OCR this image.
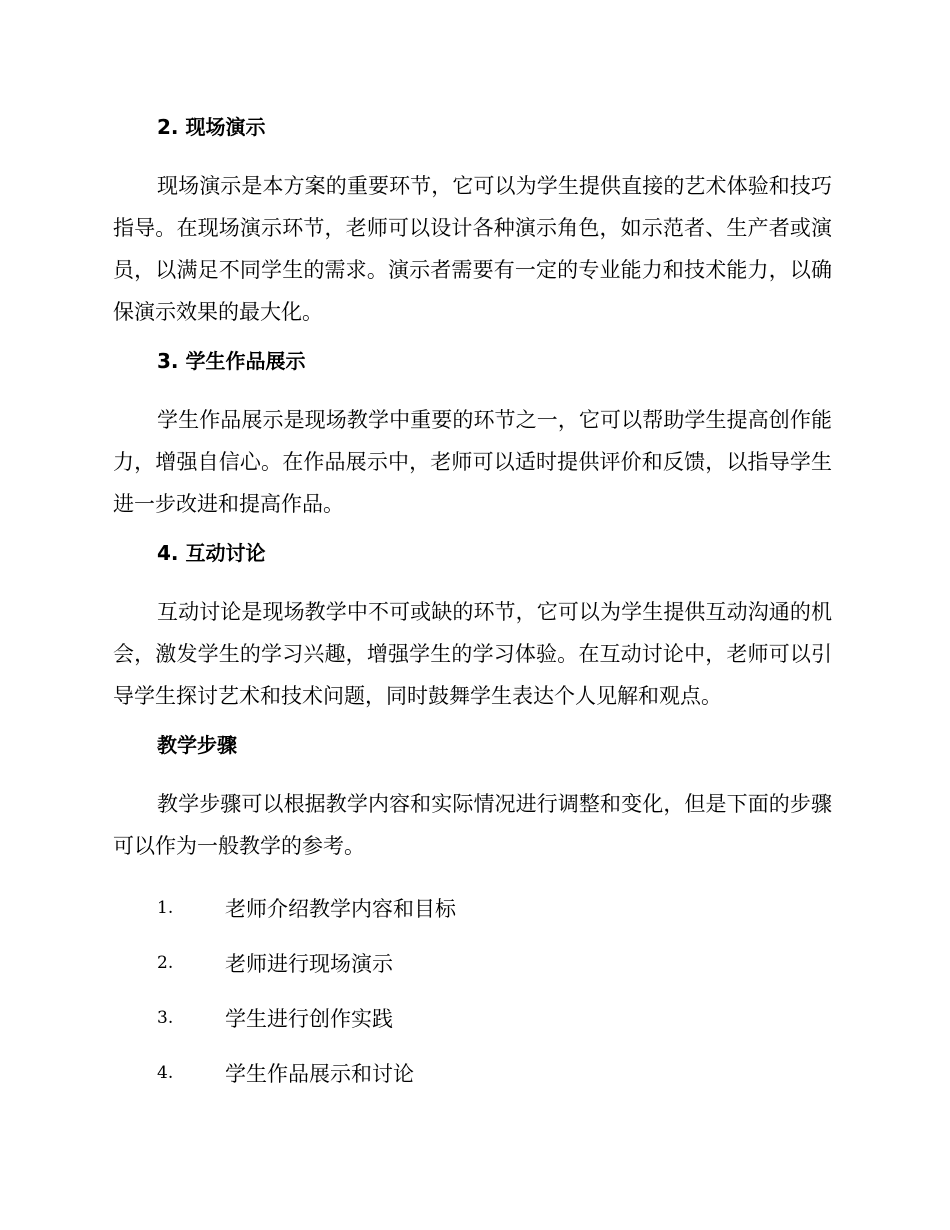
2. 现场演示

现场演示是本方案的重要环节，它可以为学生提供直接的艺术体验和技巧指导。在现场演示环节，老师可以设计各种演示角色，如示范者、生产者或演员，以满足不同学生的需求。演示者需要有一定的专业能力和技术能力，以确保演示效果的最大化。

3. 学生作品展示

学生作品展示是现场教学中重要的环节之一，它可以帮助学生提高创作能力，增强自信心。在作品展示中，老师可以适时提供评价和反馈，以指导学生进一步改进和提高作品。

4. 互动讨论

互动讨论是现场教学中不可或缺的环节，它可以为学生提供互动沟通的机会，激发学生的学习兴趣，增强学生的学习体验。在互动讨论中，老师可以引导学生探讨艺术和技术问题，同时鼓舞学生表达个人见解和观点。

教学步骤

教学步骤可以根据教学内容和实际情况进行调整和变化，但是下面的步骤可以作为一般教学的参考。

1.	老师介绍教学内容和目标
2.	老师进行现场演示
3.	学生进行创作实践
4.	学生作品展示和讨论
